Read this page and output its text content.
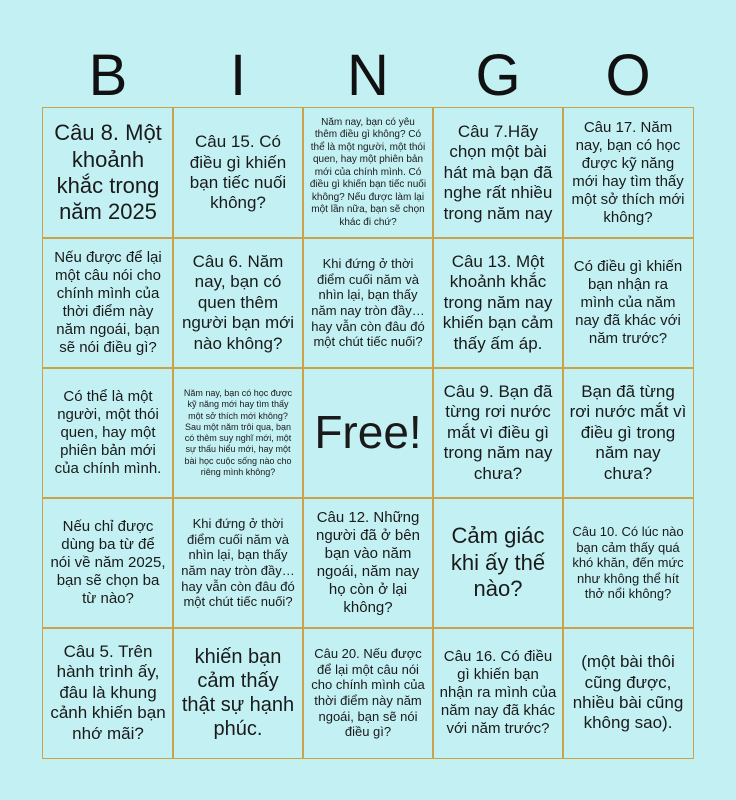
B	I	N	G	O
Câu 8. Một khoảnh khắc trong năm 2025
Câu 15. Có điều gì khiến bạn tiếc nuối không?
Năm nay, bạn có yêu thêm điều gì không? Có thể là một người, một thói quen, hay một phiên bản mới của chính mình. Có điều gì khiến bạn tiếc nuối không? Nếu được làm lại một lần nữa, bạn sẽ chọn khác đi chứ?
Câu 7.Hãy chọn một bài hát mà bạn đã nghe rất nhiều trong năm nay
Câu 17. Năm nay, bạn có học được kỹ năng mới hay tìm thấy một sở thích mới không?
Nếu được để lại một câu nói cho chính mình của thời điểm này năm ngoái, bạn sẽ nói điều gì?
Câu 6. Năm nay, bạn có quen thêm người bạn mới nào không?
Khi đứng ở thời điểm cuối năm và nhìn lại, bạn thấy năm nay tròn đầy… hay vẫn còn đâu đó một chút tiếc nuối?
Câu 13. Một khoảnh khắc trong năm nay khiến bạn cảm thấy ấm áp.
Có điều gì khiến bạn nhận ra mình của năm nay đã khác với năm trước?
Có thể là một người, một thói quen, hay một phiên bản mới của chính mình.
Năm nay, bạn có học được kỹ năng mới hay tìm thấy một sở thích mới không? Sau một năm trôi qua, bạn có thêm suy nghĩ mới, một sự thấu hiểu mới, hay một bài học cuộc sống nào cho riêng mình không?
Free!
Câu 9. Bạn đã từng rơi nước mắt vì điều gì trong năm nay chưa?
Bạn đã từng rơi nước mắt vì điều gì trong năm nay chưa?
Nếu chỉ được dùng ba từ để nói về năm 2025, bạn sẽ chọn ba từ nào?
Khi đứng ở thời điểm cuối năm và nhìn lại, bạn thấy năm nay tròn đầy… hay vẫn còn đâu đó một chút tiếc nuối?
Câu 12. Những người đã ở bên bạn vào năm ngoái, năm nay họ còn ở lại không?
Cảm giác khi ấy thế nào?
Câu 10. Có lúc nào bạn cảm thấy quá khó khăn, đến mức như không thể hít thở nổi không?
Câu 5. Trên hành trình ấy, đâu là khung cảnh khiến bạn nhớ mãi?
khiến bạn cảm thấy thật sự hạnh phúc.
Câu 20. Nếu được để lại một câu nói cho chính mình của thời điểm này năm ngoái, bạn sẽ nói điều gì?
Câu 16. Có điều gì khiến bạn nhận ra mình của năm nay đã khác với năm trước?
(một bài thôi cũng được, nhiều bài cũng không sao).
